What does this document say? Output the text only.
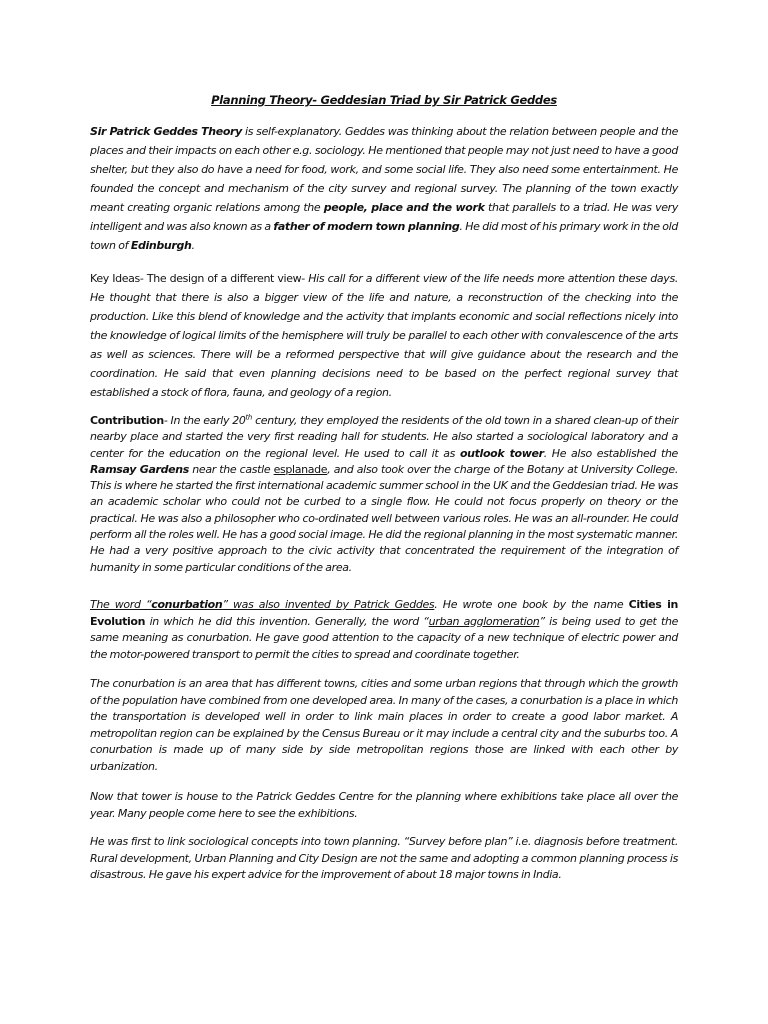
Planning Theory- Geddesian Triad by Sir Patrick Geddes

Sir Patrick Geddes Theory is self-explanatory. Geddes was thinking about the relation between people and the places and their impacts on each other e.g. sociology. He mentioned that people may not just need to have a good shelter, but they also do have a need for food, work, and some social life. They also need some entertainment. He founded the concept and mechanism of the city survey and regional survey. The planning of the town exactly meant creating organic relations among the people, place and the work that parallels to a triad. He was very intelligent and was also known as a father of modern town planning. He did most of his primary work in the old town of Edinburgh.

Key Ideas- The design of a different view- His call for a different view of the life needs more attention these days. He thought that there is also a bigger view of the life and nature, a reconstruction of the checking into the production. Like this blend of knowledge and the activity that implants economic and social reflections nicely into the knowledge of logical limits of the hemisphere will truly be parallel to each other with convalescence of the arts as well as sciences. There will be a reformed perspective that will give guidance about the research and the coordination. He said that even planning decisions need to be based on the perfect regional survey that established a stock of flora, fauna, and geology of a region.

Contribution- In the early 20th century, they employed the residents of the old town in a shared clean-up of their nearby place and started the very first reading hall for students. He also started a sociological laboratory and a center for the education on the regional level. He used to call it as outlook tower. He also established the Ramsay Gardens near the castle esplanade, and also took over the charge of the Botany at University College. This is where he started the first international academic summer school in the UK and the Geddesian triad. He was an academic scholar who could not be curbed to a single flow. He could not focus properly on theory or the practical. He was also a philosopher who co-ordinated well between various roles. He was an all-rounder. He could perform all the roles well. He has a good social image. He did the regional planning in the most systematic manner. He had a very positive approach to the civic activity that concentrated the requirement of the integration of humanity in some particular conditions of the area.

The word “conurbation” was also invented by Patrick Geddes. He wrote one book by the name Cities in Evolution in which he did this invention. Generally, the word “urban agglomeration” is being used to get the same meaning as conurbation. He gave good attention to the capacity of a new technique of electric power and the motor-powered transport to permit the cities to spread and coordinate together.

The conurbation is an area that has different towns, cities and some urban regions that through which the growth of the population have combined from one developed area. In many of the cases, a conurbation is a place in which the transportation is developed well in order to link main places in order to create a good labor market. A metropolitan region can be explained by the Census Bureau or it may include a central city and the suburbs too. A conurbation is made up of many side by side metropolitan regions those are linked with each other by urbanization.

Now that tower is house to the Patrick Geddes Centre for the planning where exhibitions take place all over the year. Many people come here to see the exhibitions.

He was first to link sociological concepts into town planning. “Survey before plan” i.e. diagnosis before treatment. Rural development, Urban Planning and City Design are not the same and adopting a common planning process is disastrous. He gave his expert advice for the improvement of about 18 major towns in India.
